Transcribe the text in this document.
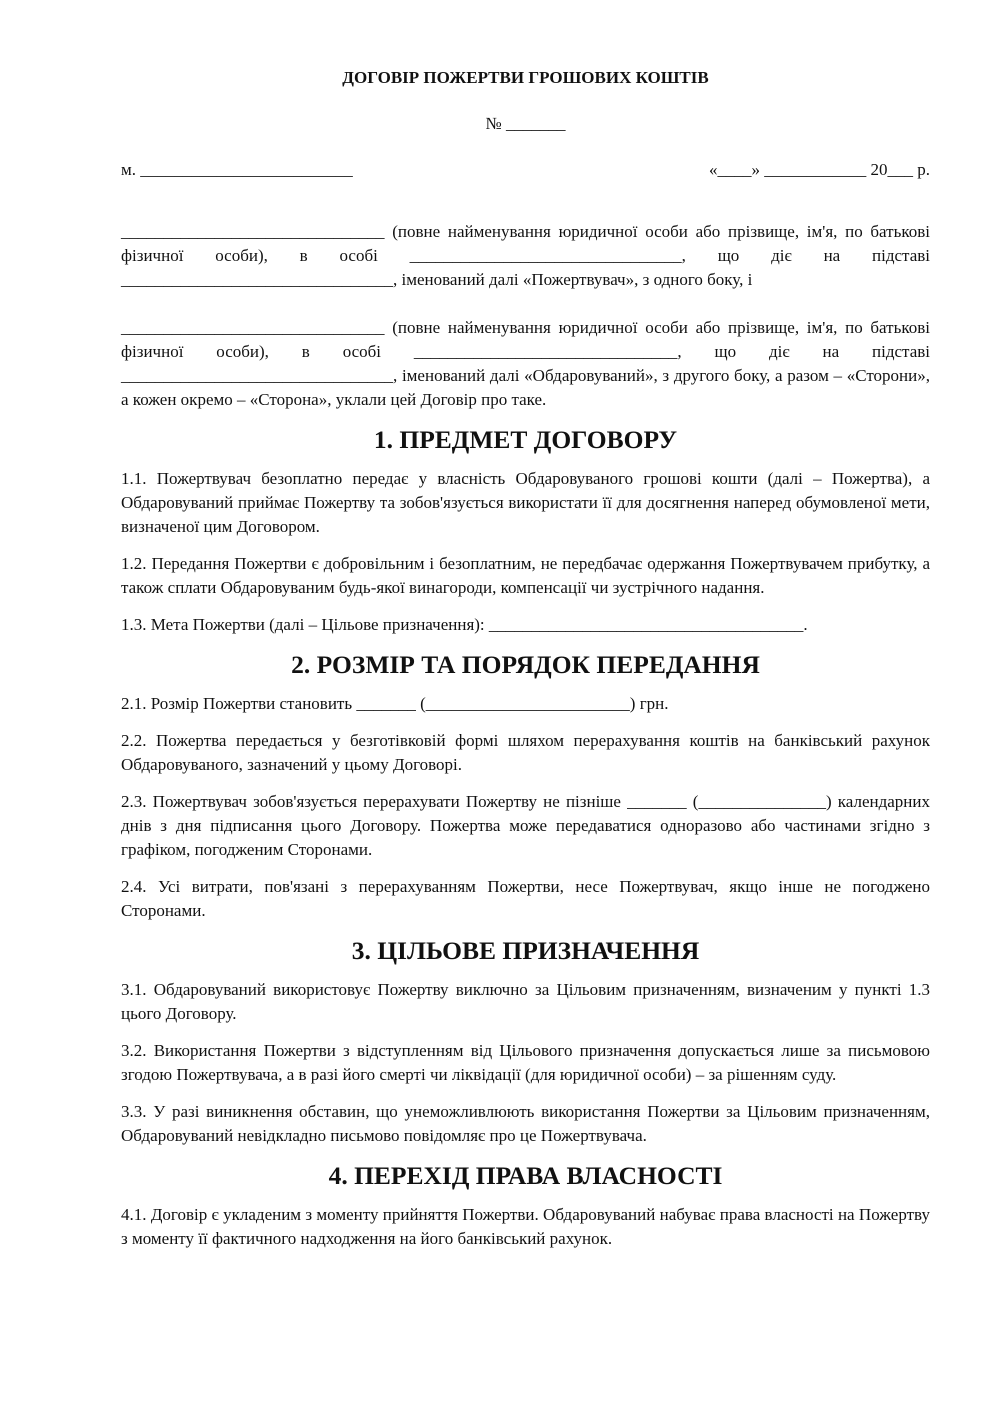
ДОГОВІР ПОЖЕРТВИ ГРОШОВИХ КОШТІВ

№ _______

м. _________________________	«____» ____________ 20___ р.

_______________________________ (повне найменування юридичної особи або прізвище, ім'я, по батькові фізичної особи), в особі ________________________________, що діє на підставі ________________________________, іменований далі «Пожертвувач», з одного боку, і

_______________________________ (повне найменування юридичної особи або прізвище, ім'я, по батькові фізичної особи), в особі _______________________________, що діє на підставі ________________________________, іменований далі «Обдаровуваний», з другого боку, а разом – «Сторони», а кожен окремо – «Сторона», уклали цей Договір про таке.

1. ПРЕДМЕТ ДОГОВОРУ

1.1. Пожертвувач безоплатно передає у власність Обдаровуваного грошові кошти (далі – Пожертва), а Обдаровуваний приймає Пожертву та зобов'язується використати її для досягнення наперед обумовленої мети, визначеної цим Договором.

1.2. Передання Пожертви є добровільним і безоплатним, не передбачає одержання Пожертвувачем прибутку, а також сплати Обдаровуваним будь-якої винагороди, компенсації чи зустрічного надання.

1.3. Мета Пожертви (далі – Цільове призначення): _____________________________________.

2. РОЗМІР ТА ПОРЯДОК ПЕРЕДАННЯ

2.1. Розмір Пожертви становить _______ (________________________) грн.

2.2. Пожертва передається у безготівковій формі шляхом перерахування коштів на банківський рахунок Обдаровуваного, зазначений у цьому Договорі.

2.3. Пожертвувач зобов'язується перерахувати Пожертву не пізніше _______ (_______________) календарних днів з дня підписання цього Договору. Пожертва може передаватися одноразово або частинами згідно з графіком, погодженим Сторонами.

2.4. Усі витрати, пов'язані з перерахуванням Пожертви, несе Пожертвувач, якщо інше не погоджено Сторонами.

3. ЦІЛЬОВЕ ПРИЗНАЧЕННЯ

3.1. Обдаровуваний використовує Пожертву виключно за Цільовим призначенням, визначеним у пункті 1.3 цього Договору.

3.2. Використання Пожертви з відступленням від Цільового призначення допускається лише за письмовою згодою Пожертвувача, а в разі його смерті чи ліквідації (для юридичної особи) – за рішенням суду.

3.3. У разі виникнення обставин, що унеможливлюють використання Пожертви за Цільовим призначенням, Обдаровуваний невідкладно письмово повідомляє про це Пожертвувача.

4. ПЕРЕХІД ПРАВА ВЛАСНОСТІ

4.1. Договір є укладеним з моменту прийняття Пожертви. Обдаровуваний набуває права власності на Пожертву з моменту її фактичного надходження на його банківський рахунок.
